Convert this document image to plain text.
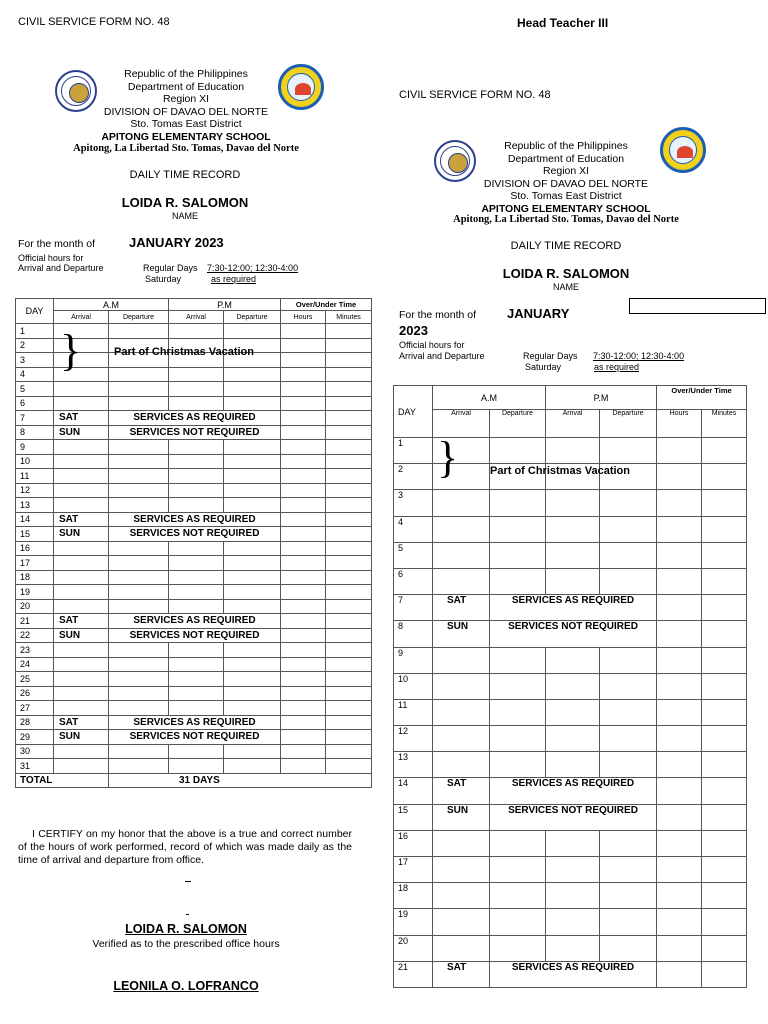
CIVIL SERVICE FORM NO. 48
Republic of the Philippines
Department of Education
Region XI
DIVISION OF DAVAO DEL NORTE
Sto. Tomas East District
APITONG ELEMENTARY SCHOOL
Apitong, La Libertad Sto. Tomas, Davao del Norte
DAILY TIME RECORD
LOIDA R. SALOMON
NAME
For the month of	JANUARY 2023
Official hours for
Arrival and Departure	Regular Days 7:30-12:00; 12:30-4:00
Saturday	as required
DAY	A.M		P.M		Over/Under Time	
	Arrival	Departure	Arrival	Departure	Hours	Minutes
1						
2						
3						
4						
5						
6						
7	SAT	SERVICES AS REQUIRED				
8	SUN	SERVICES NOT REQUIRED				
9						
10						
11						
12						
13						
14	SAT	SERVICES AS REQUIRED				
15	SUN	SERVICES NOT REQUIRED				
16						
17						
18						
19						
20						
21	SAT	SERVICES AS REQUIRED				
22	SUN	SERVICES NOT REQUIRED				
23						
24						
25						
26						
27						
28	SAT	SERVICES AS REQUIRED				
29	SUN	SERVICES NOT REQUIRED				
30						
31						
TOTAL		31 DAYS				
}	Part of Christmas Vacation
I CERTIFY on my honor that the above is a true and correct number of the hours of work performed, record of which was made daily as the time of arrival and departure from office.
LOIDA R. SALOMON
Verified as to the prescribed office hours
LEONILA O. LOFRANCO
Head Teacher III
CIVIL SERVICE FORM NO. 48
Republic of the Philippines
Department of Education
Region XI
DIVISION OF DAVAO DEL NORTE
Sto. Tomas East District
APITONG ELEMENTARY SCHOOL
Apitong, La Libertad Sto. Tomas, Davao del Norte
DAILY TIME RECORD
LOIDA R. SALOMON
NAME
For the month of JANUARY
2023
Official hours for
Arrival and Departure	Regular Days 7:30-12:00; 12:30-4:00
Saturday	as required
DAY	A.M		P.M		Over/Under Time	
	Arrival	Departure	Arrival	Departure	Hours	Minutes
1						
2						
3						
4						
5						
6						
7	SAT	SERVICES AS REQUIRED				
8	SUN	SERVICES NOT REQUIRED				
9						
10						
11						
12						
13						
14	SAT	SERVICES AS REQUIRED				
15	SUN	SERVICES NOT REQUIRED				
16						
17						
18						
19						
20						
21	SAT	SERVICES AS REQUIRED				
}	Part of Christmas Vacation
